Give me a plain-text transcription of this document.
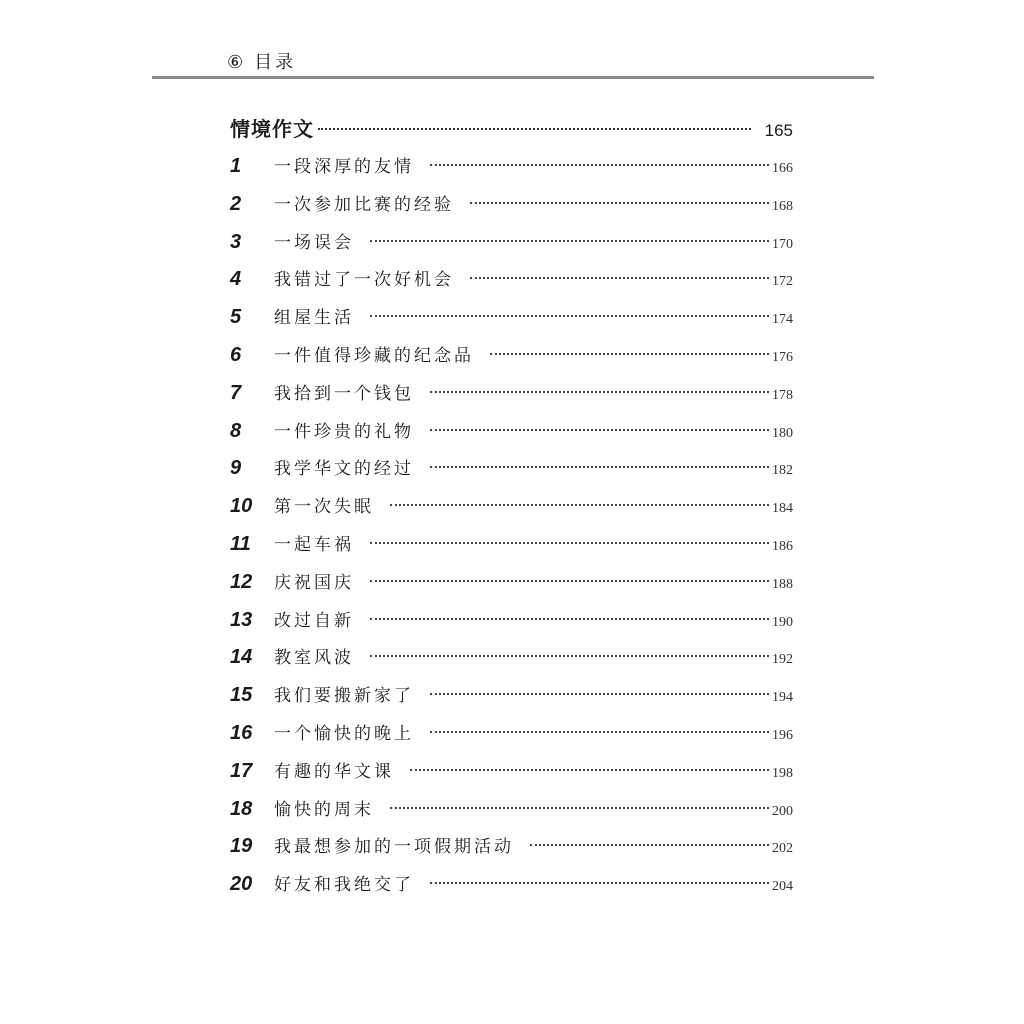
⑥ 目录
情境作文	165
1	一段深厚的友情	166
2	一次参加比赛的经验	168
3	一场误会	170
4	我错过了一次好机会	172
5	组屋生活	174
6	一件值得珍藏的纪念品	176
7	我拾到一个钱包	178
8	一件珍贵的礼物	180
9	我学华文的经过	182
10	第一次失眠	184
11	一起车祸	186
12	庆祝国庆	188
13	改过自新	190
14	教室风波	192
15	我们要搬新家了	194
16	一个愉快的晚上	196
17	有趣的华文课	198
18	愉快的周末	200
19	我最想参加的一项假期活动	202
20	好友和我绝交了	204
